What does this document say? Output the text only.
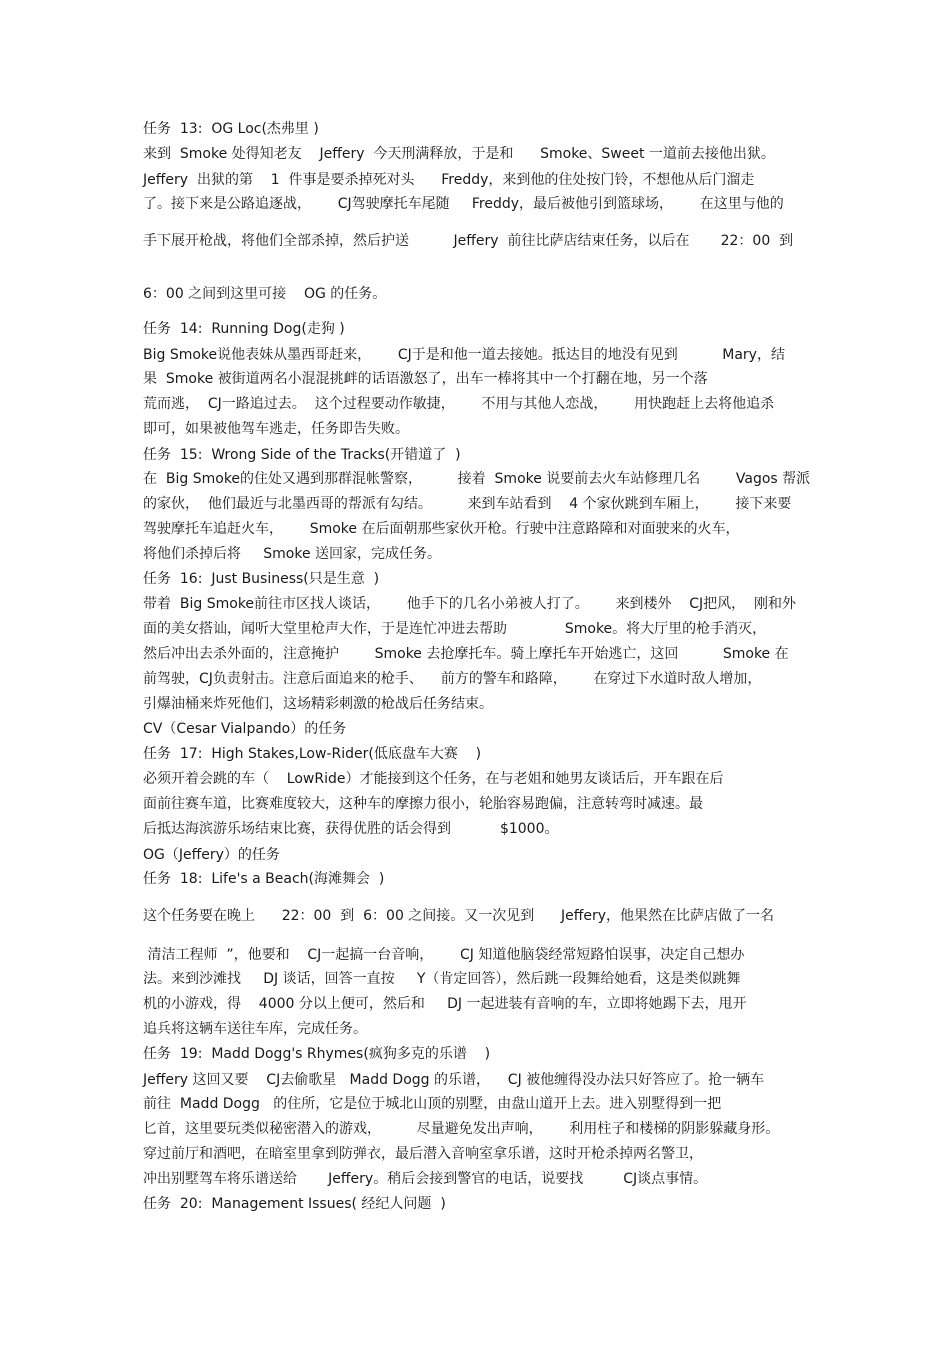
任务  13:  OG Loc(杰弗里 )
来到  Smoke 处得知老友    Jeffery  今天刑满释放，于是和      Smoke、Sweet 一道前去接他出狱。
Jeffery  出狱的第    1  件事是要杀掉死对头      Freddy，来到他的住处按门铃，不想他从后门溜走
了。接下来是公路追逐战，      CJ驾驶摩托车尾随     Freddy，最后被他引到篮球场，      在这里与他的
手下展开枪战，将他们全部杀掉，然后护送          Jeffery  前往比萨店结束任务，以后在       22：00  到
6：00 之间到这里可接    OG 的任务。
任务  14:  Running Dog(走狗 )
Big Smoke说他表妹从墨西哥赶来，      CJ于是和他一道去接她。抵达目的地没有见到          Mary，结
果  Smoke 被街道两名小混混挑衅的话语激怒了，出车一棒将其中一个打翻在地，另一个落
荒而逃，  CJ一路追过去。  这个过程要动作敏捷，      不用与其他人恋战，      用快跑赶上去将他追杀
即可，如果被他驾车逃走，任务即告失败。
任务  15:  Wrong Side of the Tracks(开错道了  )
在  Big Smoke的住处又遇到那群混帐警察，        接着  Smoke 说要前去火车站修理几名        Vagos 帮派
的家伙，  他们最近与北墨西哥的帮派有勾结。        来到车站看到    4 个家伙跳到车厢上，      接下来要
驾驶摩托车追赶火车，      Smoke 在后面朝那些家伙开枪。行驶中注意路障和对面驶来的火车，
将他们杀掉后将     Smoke 送回家，完成任务。
任务  16:  Just Business(只是生意  )
带着  Big Smoke前往市区找人谈话，      他手下的几名小弟被人打了。      来到楼外    CJ把风，  刚和外
面的美女搭讪，闻听大堂里枪声大作，于是连忙冲进去帮助             Smoke。将大厅里的枪手消灭，
然后冲出去杀外面的，注意掩护        Smoke 去抢摩托车。骑上摩托车开始逃亡，这回          Smoke 在
前驾驶，CJ负责射击。注意后面追来的枪手、    前方的警车和路障，      在穿过下水道时敌人增加，
引爆油桶来炸死他们，这场精彩刺激的枪战后任务结束。
CV（Cesar Vialpando）的任务
任务  17:  High Stakes,Low-Rider(低底盘车大赛    )
必须开着会跳的车（    LowRide）才能接到这个任务，在与老姐和她男友谈话后，开车跟在后
面前往赛车道，比赛难度较大，这种车的摩擦力很小，轮胎容易跑偏，注意转弯时减速。最
后抵达海滨游乐场结束比赛，获得优胜的话会得到           $1000。
OG（Jeffery）的任务
任务  18:  Life's a Beach(海滩舞会  )
这个任务要在晚上      22：00  到  6：00 之间接。又一次见到      Jeffery，他果然在比萨店做了一名
清洁工程师  ”，他要和    CJ一起搞一台音响，      CJ 知道他脑袋经常短路怕误事，决定自己想办
法。来到沙滩找     DJ 谈话，回答一直按     Y（肯定回答），然后跳一段舞给她看，这是类似跳舞
机的小游戏，得    4000 分以上便可，然后和     DJ 一起进装有音响的车，立即将她踢下去，甩开
追兵将这辆车送往车库，完成任务。
任务  19:  Madd Dogg's Rhymes(疯狗多克的乐谱    )
Jeffery 这回又要    CJ去偷歌星   Madd Dogg 的乐谱，    CJ 被他缠得没办法只好答应了。抢一辆车
前往  Madd Dogg   的住所，它是位于城北山顶的别墅，由盘山道开上去。进入别墅得到一把
匕首，这里要玩类似秘密潜入的游戏，        尽量避免发出声响，      利用柱子和楼梯的阴影躲藏身形。
穿过前厅和酒吧，在暗室里拿到防弹衣，最后潜入音响室拿乐谱，这时开枪杀掉两名警卫，
冲出别墅驾车将乐谱送给       Jeffery。稍后会接到警官的电话，说要找         CJ谈点事情。
任务  20:  Management Issues( 经纪人问题  )
